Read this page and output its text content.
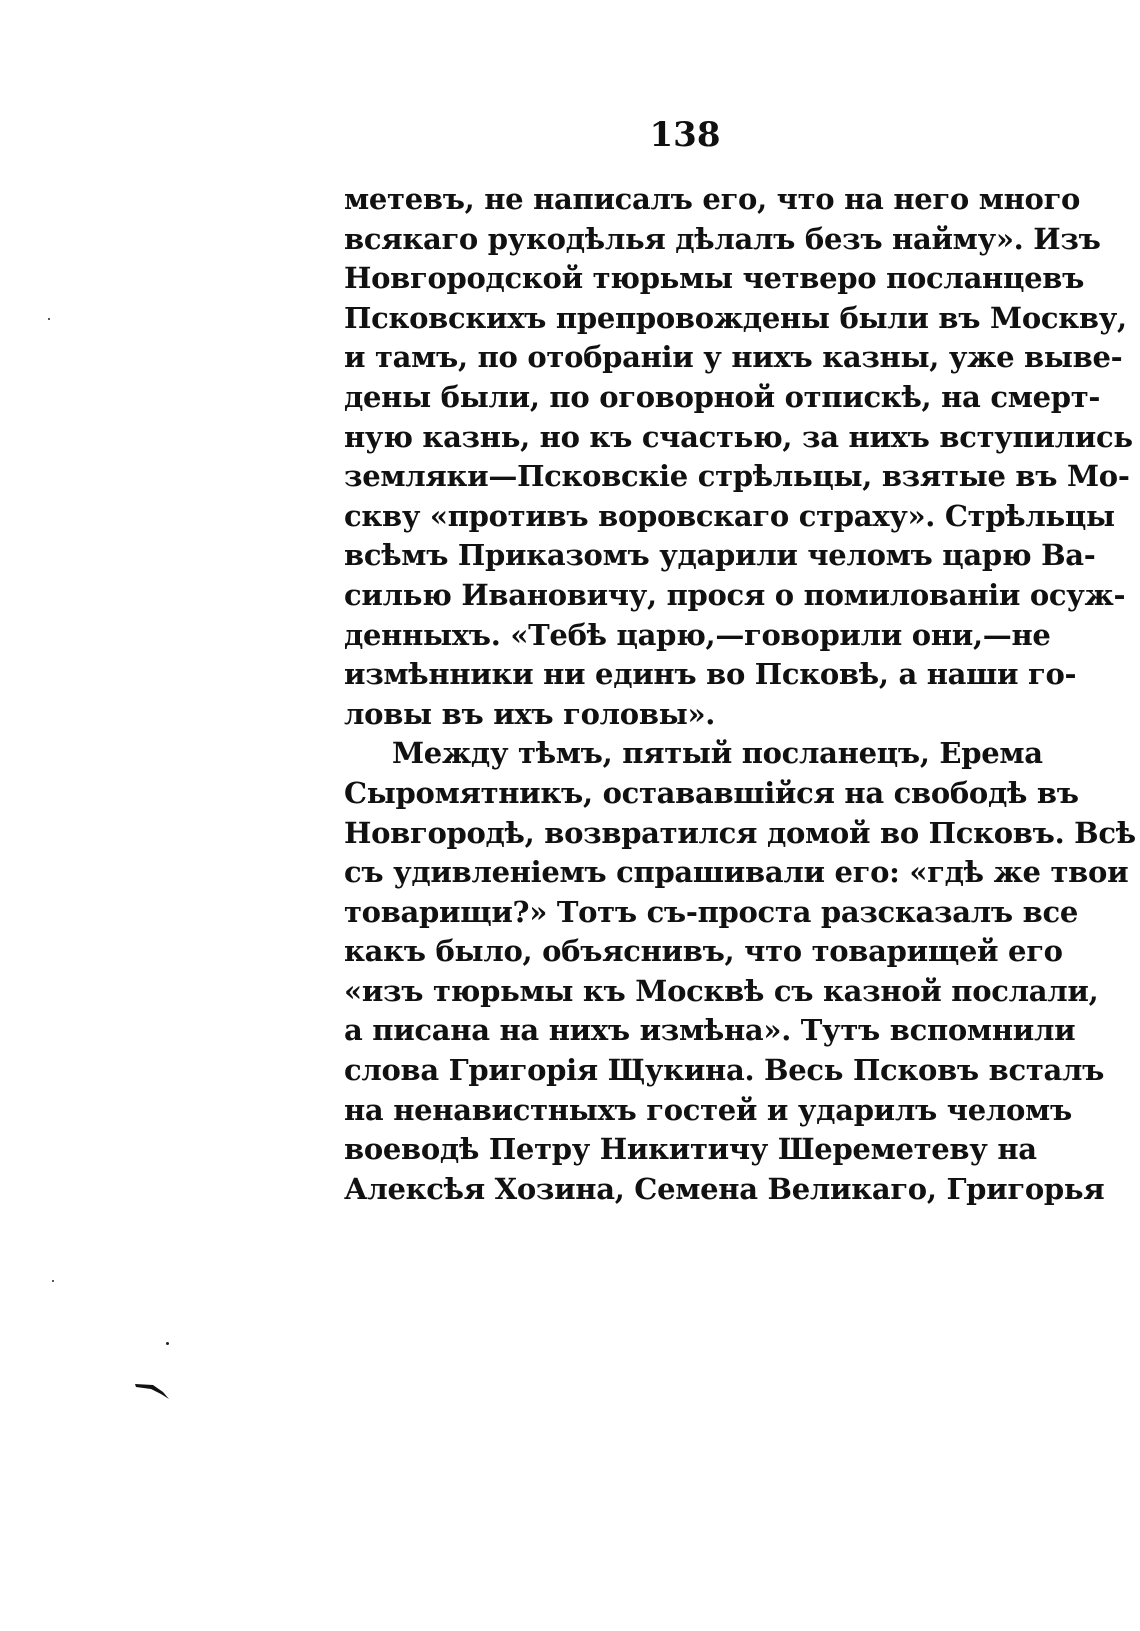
138
метевъ, не написалъ его, что на него много
всякаго рукодѣлья дѣлалъ безъ найму». Изъ
Новгородской тюрьмы четверо посланцевъ
Псковскихъ препровождены были въ Москву,
и тамъ, по отобраніи у нихъ казны, уже выве-
дены были, по оговорной отпискѣ, на смерт-
ную казнь, но къ счастью, за нихъ вступились
земляки—Псковскіе стрѣльцы, взятые въ Мо-
скву «противъ воровскаго страху». Стрѣльцы
всѣмъ Приказомъ ударили челомъ царю Ва-
силью Ивановичу, прося о помилованіи осуж-
денныхъ. «Тебѣ царю,—говорили они,—не
измѣнники ни единъ во Псковѣ, а наши го-
ловы въ ихъ головы».
Между тѣмъ, пятый посланецъ, Ерема
Сыромятникъ, остававшійся на свободѣ въ
Новгородѣ, возвратился домой во Псковъ. Всѣ
съ удивленіемъ спрашивали его: «гдѣ же твои
товарищи?» Тотъ съ-проста разсказалъ все
какъ было, объяснивъ, что товарищей его
«изъ тюрьмы къ Москвѣ съ казной послали,
а писана на нихъ измѣна». Тутъ вспомнили
слова Григорія Щукина. Весь Псковъ всталъ
на ненавистныхъ гостей и ударилъ челомъ
воеводѣ Петру Никитичу Шереметеву на
Алексѣя Хозина, Семена Великаго, Григорья
